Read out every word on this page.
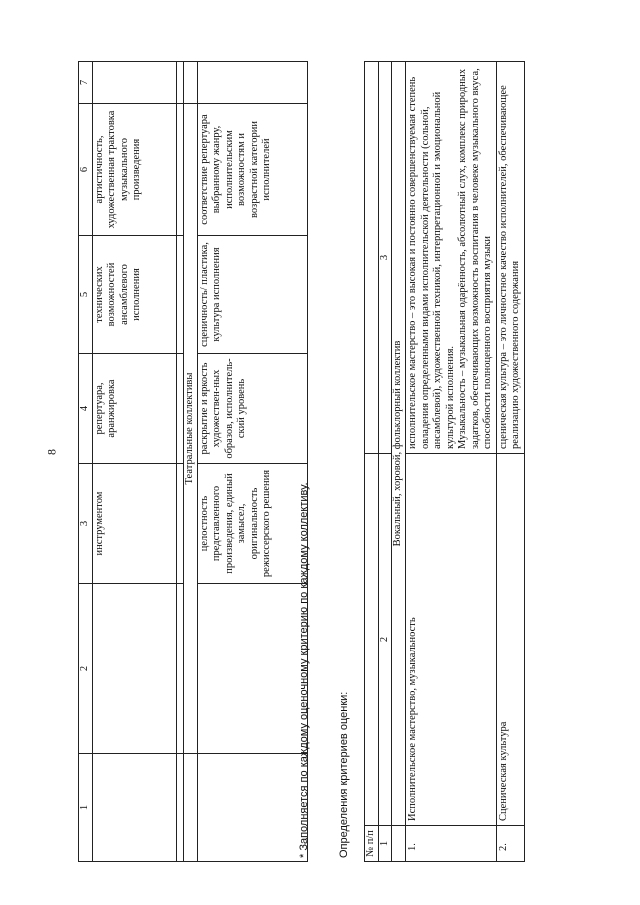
8
1	2	3	4	5	6	7
		инструментом	репертуара, аранжировка	технических возможностей ансамблевого исполнения	артистичность, художественная трактовка музыкального произведения	

	Театральные коллективы					
		целостность представленного произведения, единый замысел, оригинальность режиссерского решения	раскрытие и яркость художествен-ных образов, исполнитель-ский уровень	сценичность/ пластика, культура исполнения	соответствие репертуара выбранному жанру, исполнительским возможностям и возрастной категории исполнителей	
* Заполняется по каждому оценочному критерию по каждому коллективу.	Определения критериев оценки: № п/п		
1	2	3
	Вокальный, хоровой, фольклорный коллектив	
1.	Исполнительское мастерство, музыкальность	исполнительское мастерство – это высокая и постоянно совершенствуемая степень овладения определенными видами исполнительской деятельности (сольной, ансамблевой), художественной техникой, интерпретационной и эмоциональной культурой исполнения. Музыкальность – музыкальная одарённость, абсолютный слух, комплекс природных задатков, обеспечивающих возможность воспитания в человеке музыкального вкуса, способности полноценного восприятия музыки

2.	Сценическая культура	сценическая культура – это личностное качество исполнителей, обеспечивающее реализацию художественного содержания
